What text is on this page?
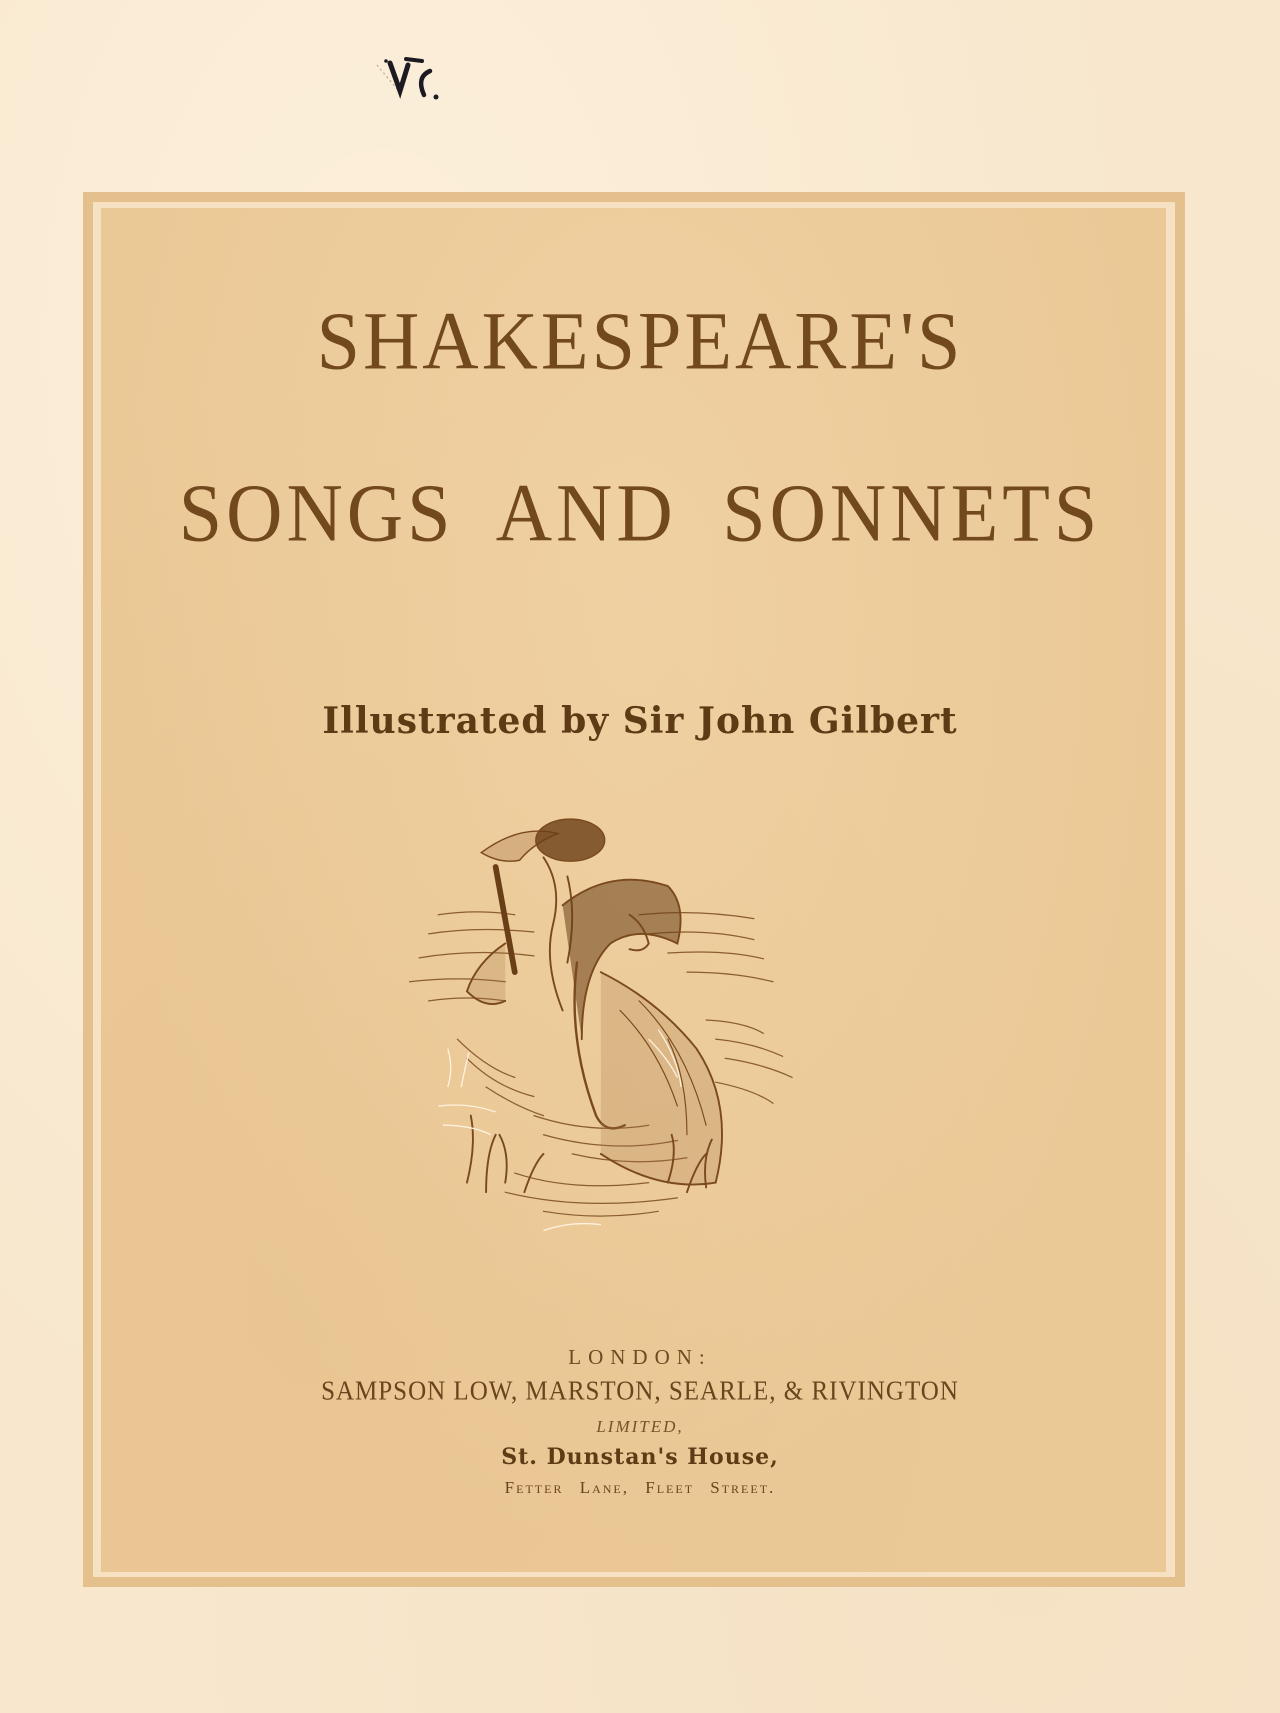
SHAKESPEARE'S
SONGS AND SONNETS
Illustrated by Sir John Gilbert
LONDON:
SAMPSON LOW, MARSTON, SEARLE, & RIVINGTON
LIMITED,
St. Dunstan's House,
Fetter Lane, Fleet Street.
